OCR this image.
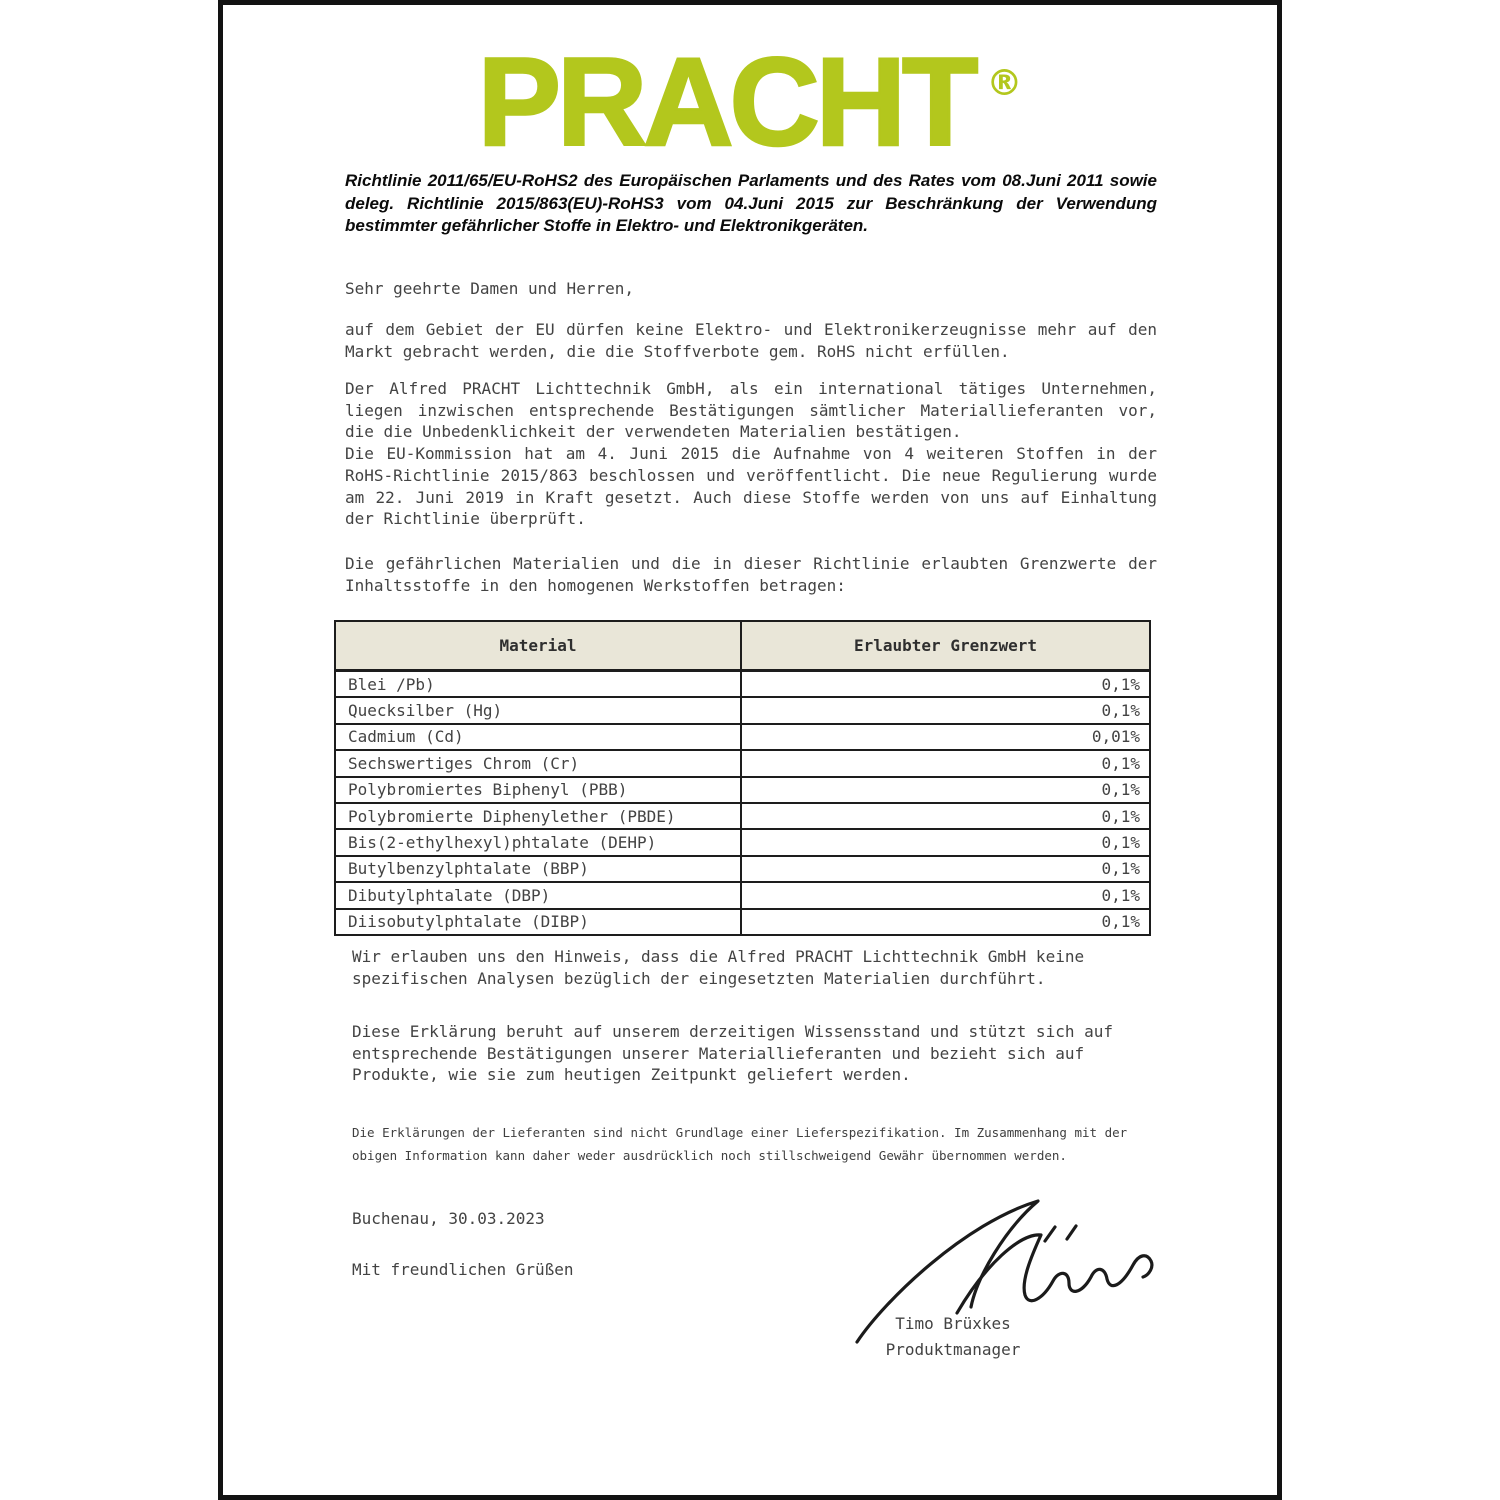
PRACHT ®
Richtlinie 2011/65/EU-RoHS2 des Europäischen Parlaments und des Rates vom 08.Juni 2011 sowie
deleg. Richtlinie 2015/863(EU)-RoHS3 vom 04.Juni 2015 zur Beschränkung der Verwendung
bestimmter gefährlicher Stoffe in Elektro- und Elektronikgeräten.
Sehr geehrte Damen und Herren,
auf dem Gebiet der EU dürfen keine Elektro- und Elektronikerzeugnisse mehr auf den
Markt gebracht werden, die die Stoffverbote gem. RoHS nicht erfüllen.
Der Alfred PRACHT Lichttechnik GmbH, als ein international tätiges Unternehmen,
liegen inzwischen entsprechende Bestätigungen sämtlicher Materiallieferanten vor,
die die Unbedenklichkeit der verwendeten Materialien bestätigen.
Die EU-Kommission hat am 4. Juni 2015 die Aufnahme von 4 weiteren Stoffen in der
RoHS-Richtlinie 2015/863 beschlossen und veröffentlicht. Die neue Regulierung wurde
am 22. Juni 2019 in Kraft gesetzt. Auch diese Stoffe werden von uns auf Einhaltung
der Richtlinie überprüft.
Die gefährlichen Materialien und die in dieser Richtlinie erlaubten Grenzwerte der
Inhaltsstoffe in den homogenen Werkstoffen betragen:
Material	Erlaubter Grenzwert
Blei /Pb)	0,1%
Quecksilber (Hg)	0,1%
Cadmium (Cd)	0,01%
Sechswertiges Chrom (Cr)	0,1%
Polybromiertes Biphenyl (PBB)	0,1%
Polybromierte Diphenylether (PBDE)	0,1%
Bis(2-ethylhexyl)phtalate (DEHP)	0,1%
Butylbenzylphtalate (BBP)	0,1%
Dibutylphtalate (DBP)	0,1%
Diisobutylphtalate (DIBP)	0,1%
Wir erlauben uns den Hinweis, dass die Alfred PRACHT Lichttechnik GmbH keine
spezifischen Analysen bezüglich der eingesetzten Materialien durchführt.
Diese Erklärung beruht auf unserem derzeitigen Wissensstand und stützt sich auf
entsprechende Bestätigungen unserer Materiallieferanten und bezieht sich auf
Produkte, wie sie zum heutigen Zeitpunkt geliefert werden.
Die Erklärungen der Lieferanten sind nicht Grundlage einer Lieferspezifikation. Im Zusammenhang mit der
obigen Information kann daher weder ausdrücklich noch stillschweigend Gewähr übernommen werden.
Buchenau, 30.03.2023
Mit freundlichen Grüßen
Timo Brüxkes
Produktmanager
